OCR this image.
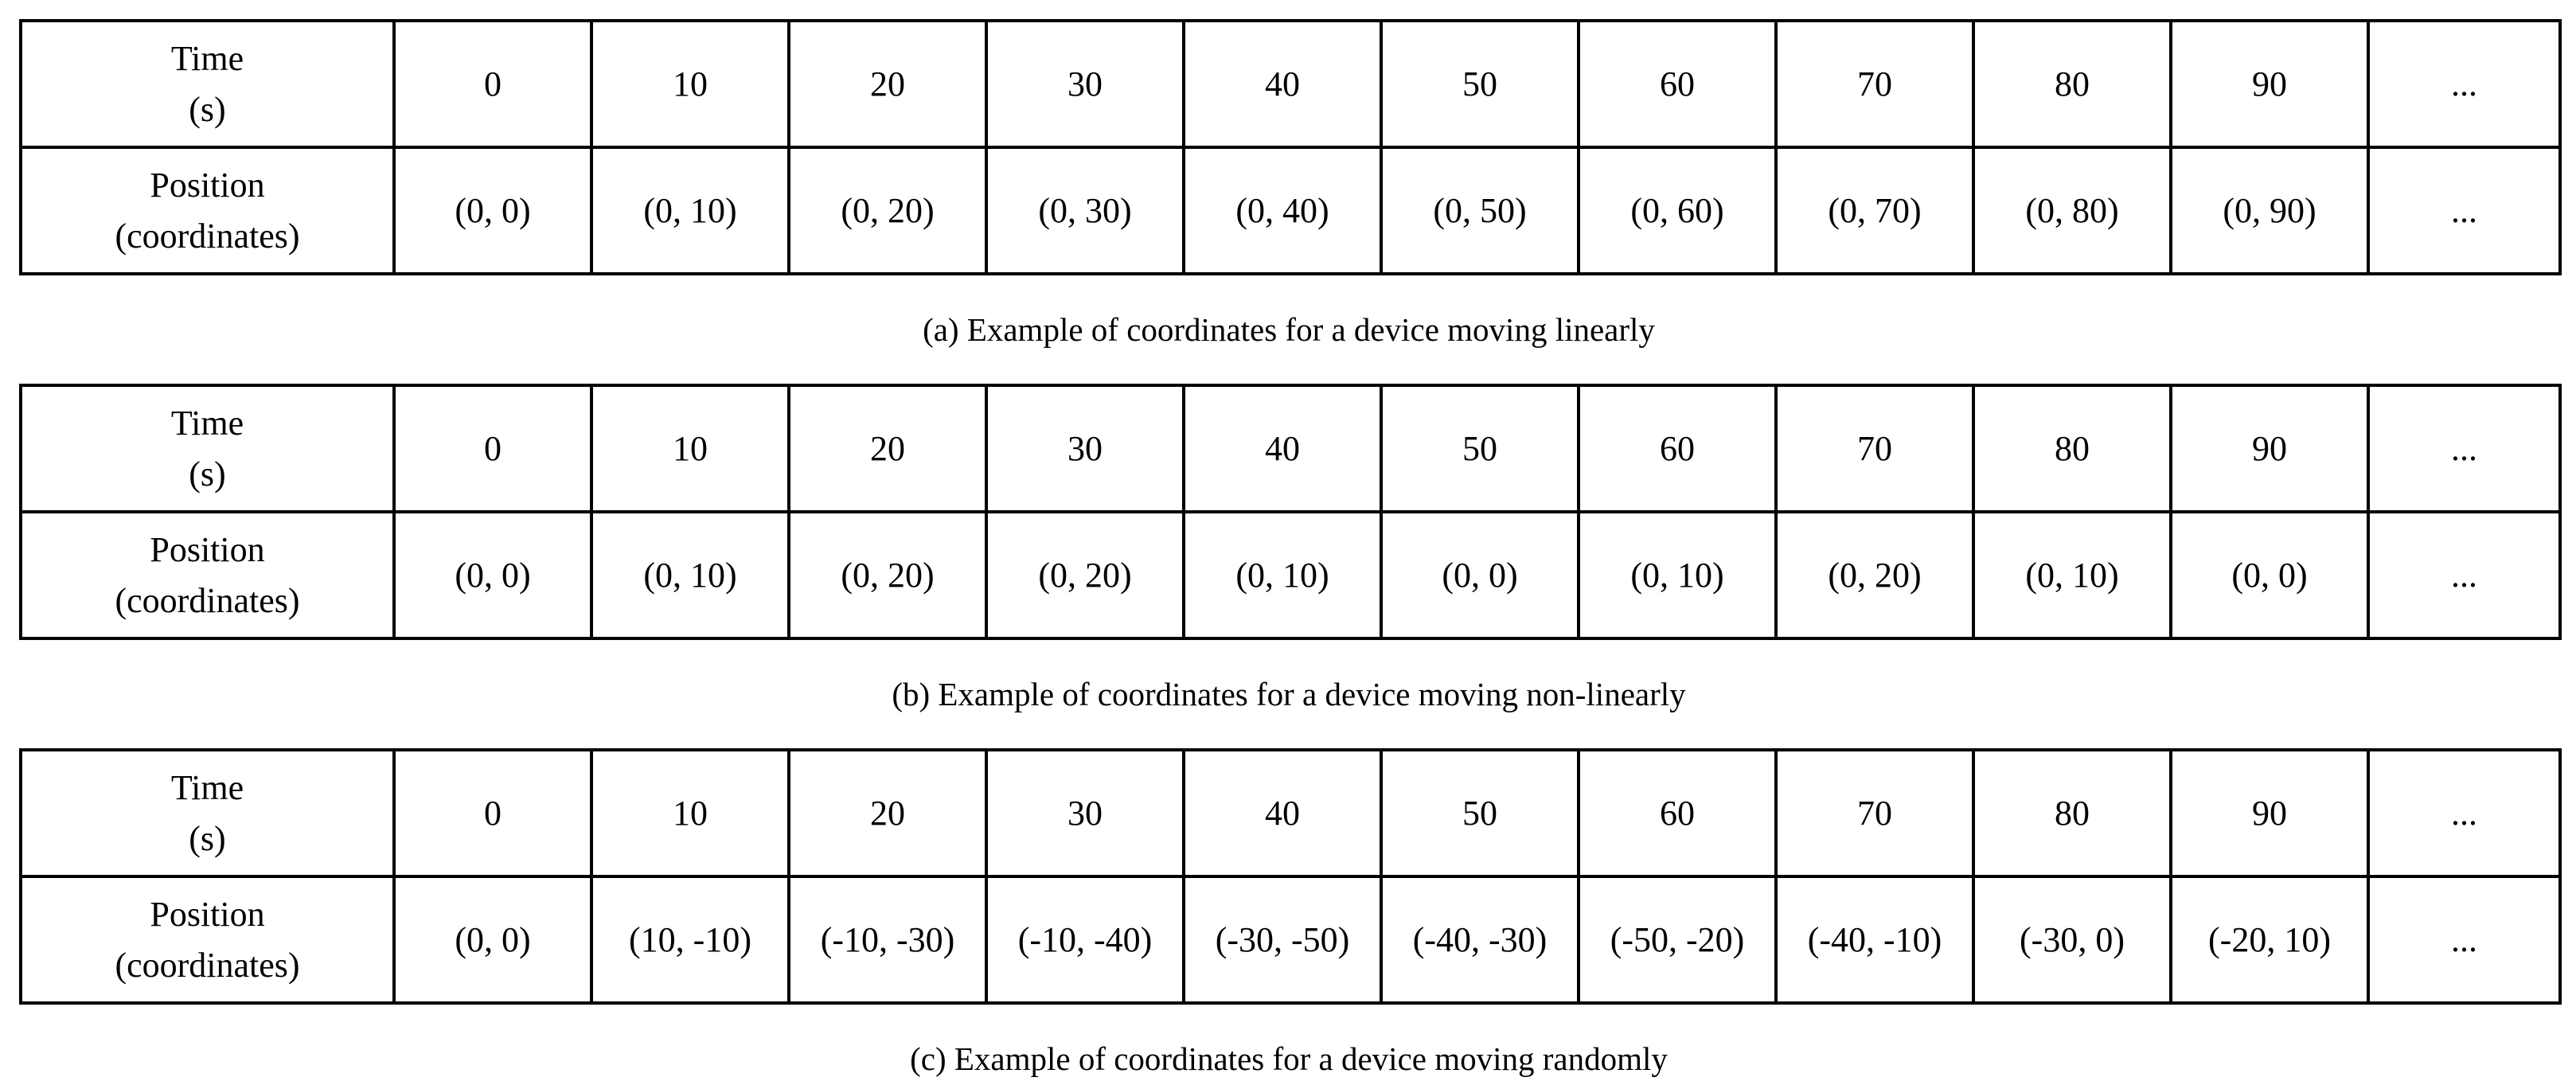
Time
(s)	0	10	20	30	40	50	60	70	80	90	...

Position
(coordinates)	(0, 0)	(0, 10)	(0, 20)	(0, 30)	(0, 40)	(0, 50)	(0, 60)	(0, 70)	(0, 80)	(0, 90)	...
(a) Example of coordinates for a device moving linearly
Time
(s)	0	10	20	30	40	50	60	70	80	90	...

Position
(coordinates)	(0, 0)	(0, 10)	(0, 20)	(0, 20)	(0, 10)	(0, 0)	(0, 10)	(0, 20)	(0, 10)	(0, 0)	...
(b) Example of coordinates for a device moving non-linearly
Time
(s)	0	10	20	30	40	50	60	70	80	90	...

Position
(coordinates)	(0, 0)	(10, -10)	(-10, -30)	(-10, -40)	(-30, -50)	(-40, -30)	(-50, -20)	(-40, -10)	(-30, 0)	(-20, 10)	...
(c) Example of coordinates for a device moving randomly
